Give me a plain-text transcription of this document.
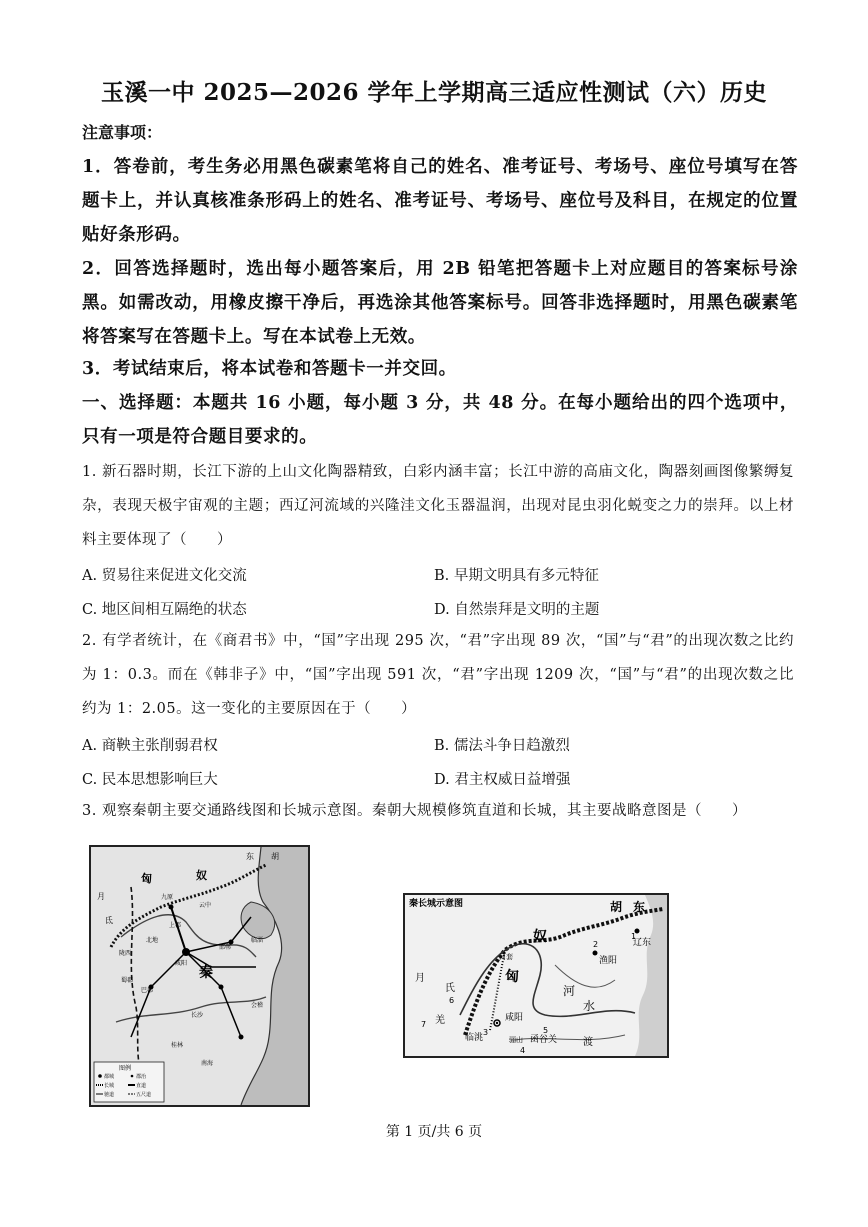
玉溪一中 2025—2026 学年上学期高三适应性测试（六）历史
注意事项：
1．答卷前，考生务必用黑色碳素笔将自己的姓名、准考证号、考场号、座位号填写在答题卡上，并认真核准条形码上的姓名、准考证号、考场号、座位号及科目，在规定的位置贴好条形码。
2．回答选择题时，选出每小题答案后，用 2B 铅笔把答题卡上对应题目的答案标号涂黑。如需改动，用橡皮擦干净后，再选涂其他答案标号。回答非选择题时，用黑色碳素笔将答案写在答题卡上。写在本试卷上无效。
3．考试结束后，将本试卷和答题卡一并交回。
一、选择题：本题共 16 小题，每小题 3 分，共 48 分。在每小题给出的四个选项中，只有一项是符合题目要求的。
1. 新石器时期，长江下游的上山文化陶器精致，白彩内涵丰富；长江中游的高庙文化，陶器刻画图像繁缛复杂，表现天极宇宙观的主题；西辽河流域的兴隆洼文化玉器温润，出现对昆虫羽化蜕变之力的崇拜。以上材料主要体现了（　　）
A. 贸易往来促进文化交流	B. 早期文明具有多元特征
C. 地区间相互隔绝的状态	D. 自然崇拜是文明的主题
2. 有学者统计，在《商君书》中，“国”字出现 295 次，“君”字出现 89 次，“国”与“君”的出现次数之比约为 1：0.3。而在《韩非子》中，“国”字出现 591 次，“君”字出现 1209 次，“国”与“君”的出现次数之比约为 1：2.05。这一变化的主要原因在于（　　）
A. 商鞅主张削弱君权	B. 儒法斗争日趋激烈
C. 民本思想影响巨大	D. 君主权威日益增强
3. 观察秦朝主要交通路线图和长城示意图。秦朝大规模修筑直道和长城，其主要战略意图是（　　）
东 胡
匈	奴
月
氐
九原
云中
上郡
北地
陇西
咸阳
秦
邯郸
临淄
会稽
南海
桂林
巴郡
蜀郡
长沙
图例
都城	郡治
长城	直道
驰道	五尺道
秦长城示意图	胡 东
匈
奴	辽东
渔阳
河套
月
氏
羌
临洮
咸阳
骊山 函谷关
河
水
渡
1
2
3
4
5
6
7
第 1 页/共 6 页
